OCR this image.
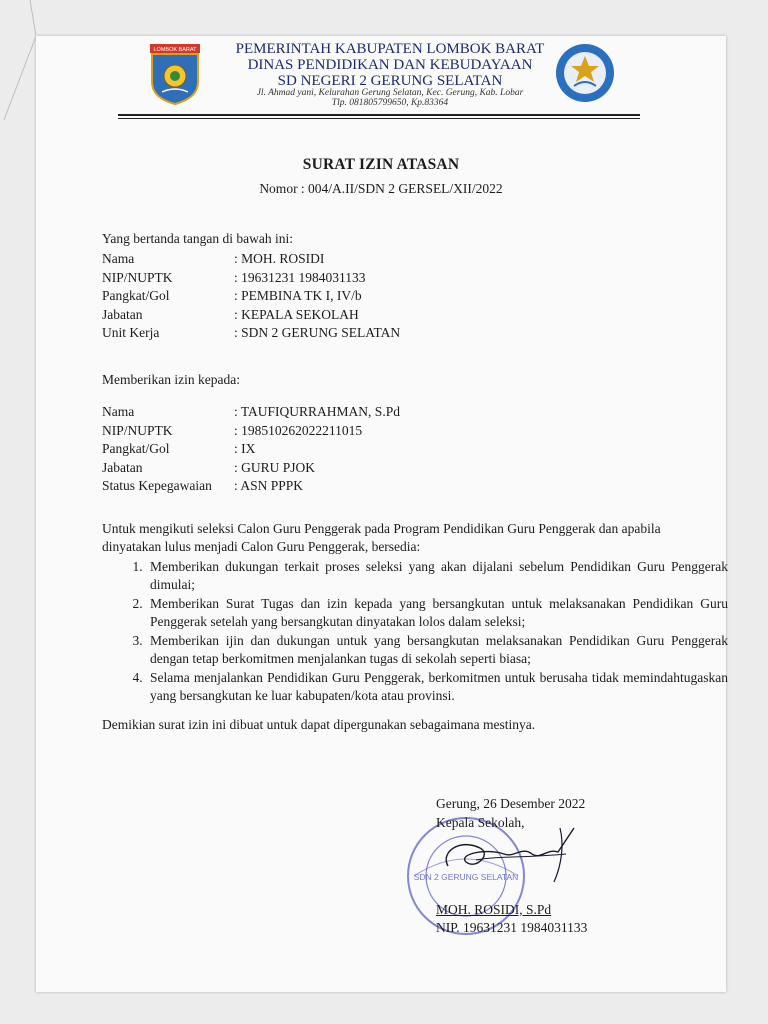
LOMBOK BARAT	PEMERINTAH KABUPATEN LOMBOK BARAT
DINAS PENDIDIKAN DAN KEBUDAYAAN
SD NEGERI 2 GERUNG SELATAN
Jl. Ahmad yani, Kelurahan Gerung Selatan, Kec. Gerung, Kab. Lobar
Tlp. 081805799650, Kp.83364
SURAT IZIN ATASAN
Nomor : 004/A.II/SDN 2 GERSEL/XII/2022
Yang bertanda tangan di bawah ini:
Nama	: MOH. ROSIDI
NIP/NUPTK	: 19631231 1984031133
Pangkat/Gol	: PEMBINA TK I, IV/b
Jabatan	: KEPALA SEKOLAH
Unit Kerja	: SDN 2 GERUNG SELATAN
Memberikan izin kepada:
Nama	: TAUFIQURRAHMAN, S.Pd
NIP/NUPTK	: 198510262022211015
Pangkat/Gol	: IX
Jabatan	: GURU PJOK
Status Kepegawaian	: ASN PPPK
Untuk mengikuti seleksi Calon Guru Penggerak pada Program Pendidikan Guru Penggerak dan apabila dinyatakan lulus menjadi Calon Guru Penggerak, bersedia:
1. Memberikan dukungan terkait proses seleksi yang akan dijalani sebelum Pendidikan Guru Penggerak dimulai;
2. Memberikan Surat Tugas dan izin kepada yang bersangkutan untuk melaksanakan Pendidikan Guru Penggerak setelah yang bersangkutan dinyatakan lolos dalam seleksi;
3. Memberikan ijin dan dukungan untuk yang bersangkutan melaksanakan Pendidikan Guru Penggerak dengan tetap berkomitmen menjalankan tugas di sekolah seperti biasa;
4. Selama menjalankan Pendidikan Guru Penggerak, berkomitmen untuk berusaha tidak memindahtugaskan yang bersangkutan ke luar kabupaten/kota atau provinsi.
Demikian surat izin ini dibuat untuk dapat dipergunakan sebagaimana mestinya.
SDN 2 GERUNG SELATAN
Gerung, 26 Desember 2022
Kepala Sekolah,
MOH. ROSIDI, S.Pd
NIP. 19631231 1984031133
